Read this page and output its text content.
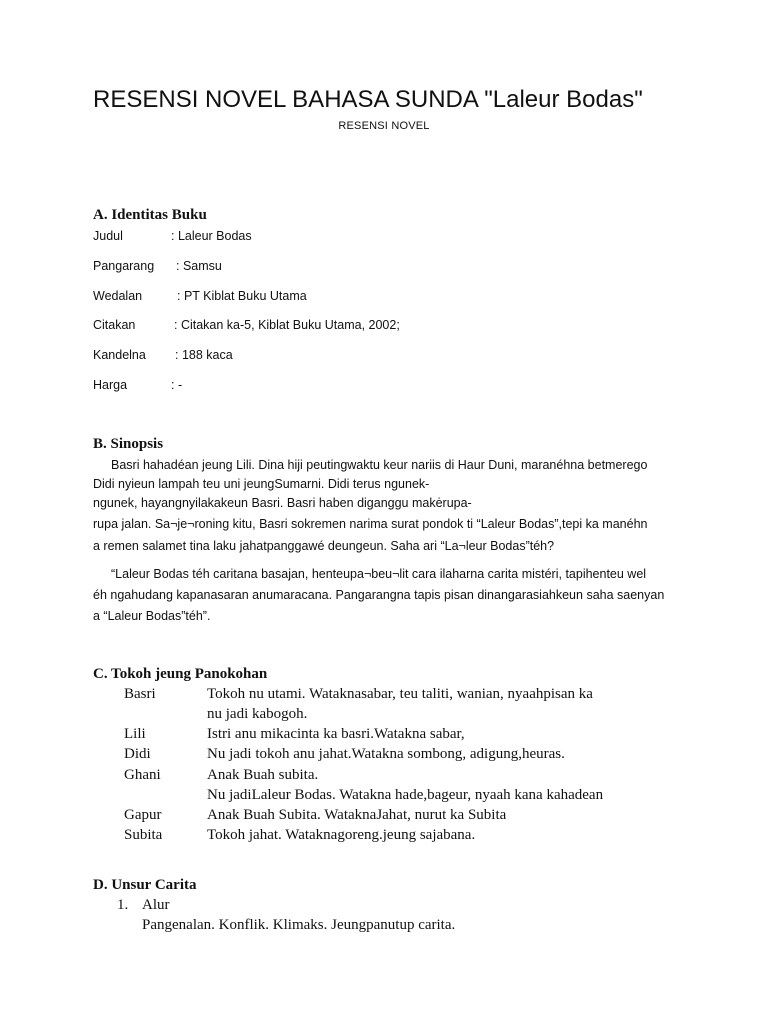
RESENSI NOVEL BAHASA SUNDA "Laleur Bodas"
RESENSI NOVEL
A. Identitas Buku
Judul	: Laleur Bodas
Pangarang : Samsu
Wedalan	: PT Kiblat Buku Utama
Citakan	: Citakan ka-5, Kiblat Buku Utama, 2002;
Kandelna : 188 kaca
Harga	: -
B. Sinopsis
Basri hahadéan jeung Lili. Dina hiji peutingwaktu keur nariis di Haur Duni, maranéhna betmerego
Didi nyieun lampah teu uni jeungSumarni. Didi terus ngunek-
ngunek, hayangnyilakakeun Basri. Basri haben diganggu makėrupa-
rupa jalan. Sa¬je¬roning kitu, Basri sokremen narima surat pondok ti “Laleur Bodas”,tepi ka manéhn
a remen salamet tina laku jahatpanggawé deungeun. Saha ari “La¬leur Bodas”téh?
“Laleur Bodas téh caritana basajan, henteupa¬beu¬lit cara ilaharna carita mistéri, tapihenteu wel
éh ngahudang kapanasaran anumaracana. Pangarangna tapis pisan dinangarasiahkeun saha saenyan
a “Laleur Bodas”téh”.
C. Tokoh jeung Panokohan
Basri	Tokoh nu utami. Wataknasabar, teu taliti, wanian, nyaahpisan ka
nu jadi kabogoh.
Lili	Istri anu mikacinta ka basri.Watakna sabar,
Didi	Nu jadi tokoh anu jahat.Watakna sombong, adigung,heuras.
Ghani	Anak Buah subita.
Nu jadiLaleur Bodas. Watakna hade,bageur, nyaah kana kahadean
Gapur	Anak Buah Subita. WataknaJahat, nurut ka Subita
Subita	Tokoh jahat. Wataknagoreng.jeung sajabana.
D. Unsur Carita
1. Alur
Pangenalan. Konflik. Klimaks. Jeungpanutup carita.
